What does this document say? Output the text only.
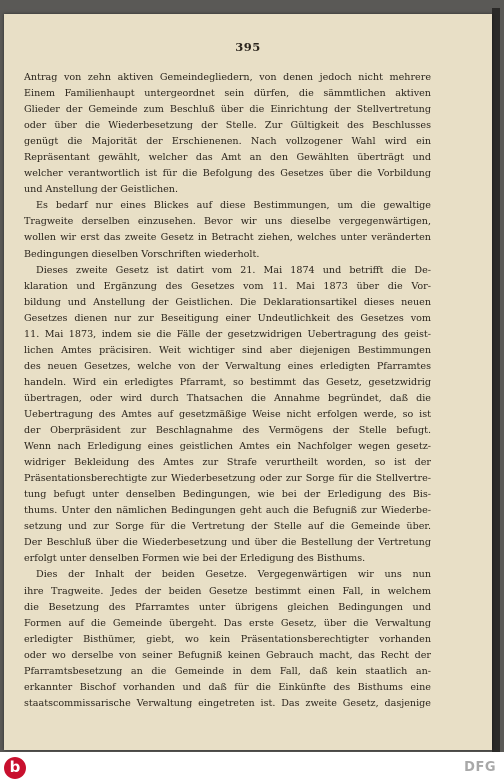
395
Antrag von zehn aktiven Gemeindegliedern, von denen jedoch nicht mehrere
Einem Familienhaupt untergeordnet sein dürfen, die sämmtlichen aktiven
Glieder der Gemeinde zum Beschluß über die Einrichtung der Stellvertretung
oder über die Wiederbesetzung der Stelle. Zur Gültigkeit des Beschlusses
genügt die Majorität der Erschienenen. Nach vollzogener Wahl wird ein
Repräsentant gewählt, welcher das Amt an den Gewählten überträgt und
welcher verantwortlich ist für die Befolgung des Gesetzes über die Vorbildung
und Anstellung der Geistlichen.
Es bedarf nur eines Blickes auf diese Bestimmungen, um die gewaltige
Tragweite derselben einzusehen. Bevor wir uns dieselbe vergegenwärtigen,
wollen wir erst das zweite Gesetz in Betracht ziehen, welches unter veränderten
Bedingungen dieselben Vorschriften wiederholt.
Dieses zweite Gesetz ist datirt vom 21. Mai 1874 und betrifft die De-
klaration und Ergänzung des Gesetzes vom 11. Mai 1873 über die Vor-
bildung und Anstellung der Geistlichen. Die Deklarationsartikel dieses neuen
Gesetzes dienen nur zur Beseitigung einer Undeutlichkeit des Gesetzes vom
11. Mai 1873, indem sie die Fälle der gesetzwidrigen Uebertragung des geist-
lichen Amtes präcisiren. Weit wichtiger sind aber diejenigen Bestimmungen
des neuen Gesetzes, welche von der Verwaltung eines erledigten Pfarramtes
handeln. Wird ein erledigtes Pfarramt, so bestimmt das Gesetz, gesetzwidrig
übertragen, oder wird durch Thatsachen die Annahme begründet, daß die
Uebertragung des Amtes auf gesetzmäßige Weise nicht erfolgen werde, so ist
der Oberpräsident zur Beschlagnahme des Vermögens der Stelle befugt.
Wenn nach Erledigung eines geistlichen Amtes ein Nachfolger wegen gesetz-
widriger Bekleidung des Amtes zur Strafe verurtheilt worden, so ist der
Präsentationsberechtigte zur Wiederbesetzung oder zur Sorge für die Stellvertre-
tung befugt unter denselben Bedingungen, wie bei der Erledigung des Bis-
thums. Unter den nämlichen Bedingungen geht auch die Befugniß zur Wiederbe-
setzung und zur Sorge für die Vertretung der Stelle auf die Gemeinde über.
Der Beschluß über die Wiederbesetzung und über die Bestellung der Vertretung
erfolgt unter denselben Formen wie bei der Erledigung des Bisthums.
Dies der Inhalt der beiden Gesetze. Vergegenwärtigen wir uns nun
ihre Tragweite. Jedes der beiden Gesetze bestimmt einen Fall, in welchem
die Besetzung des Pfarramtes unter übrigens gleichen Bedingungen und
Formen auf die Gemeinde übergeht. Das erste Gesetz, über die Verwaltung
erledigter Bisthümer, giebt, wo kein Präsentationsberechtigter vorhanden
oder wo derselbe von seiner Befugniß keinen Gebrauch macht, das Recht der
Pfarramtsbesetzung an die Gemeinde in dem Fall, daß kein staatlich an-
erkannter Bischof vorhanden und daß für die Einkünfte des Bisthums eine
staatscommissarische Verwaltung eingetreten ist. Das zweite Gesetz, dasjenige
b	DFG
